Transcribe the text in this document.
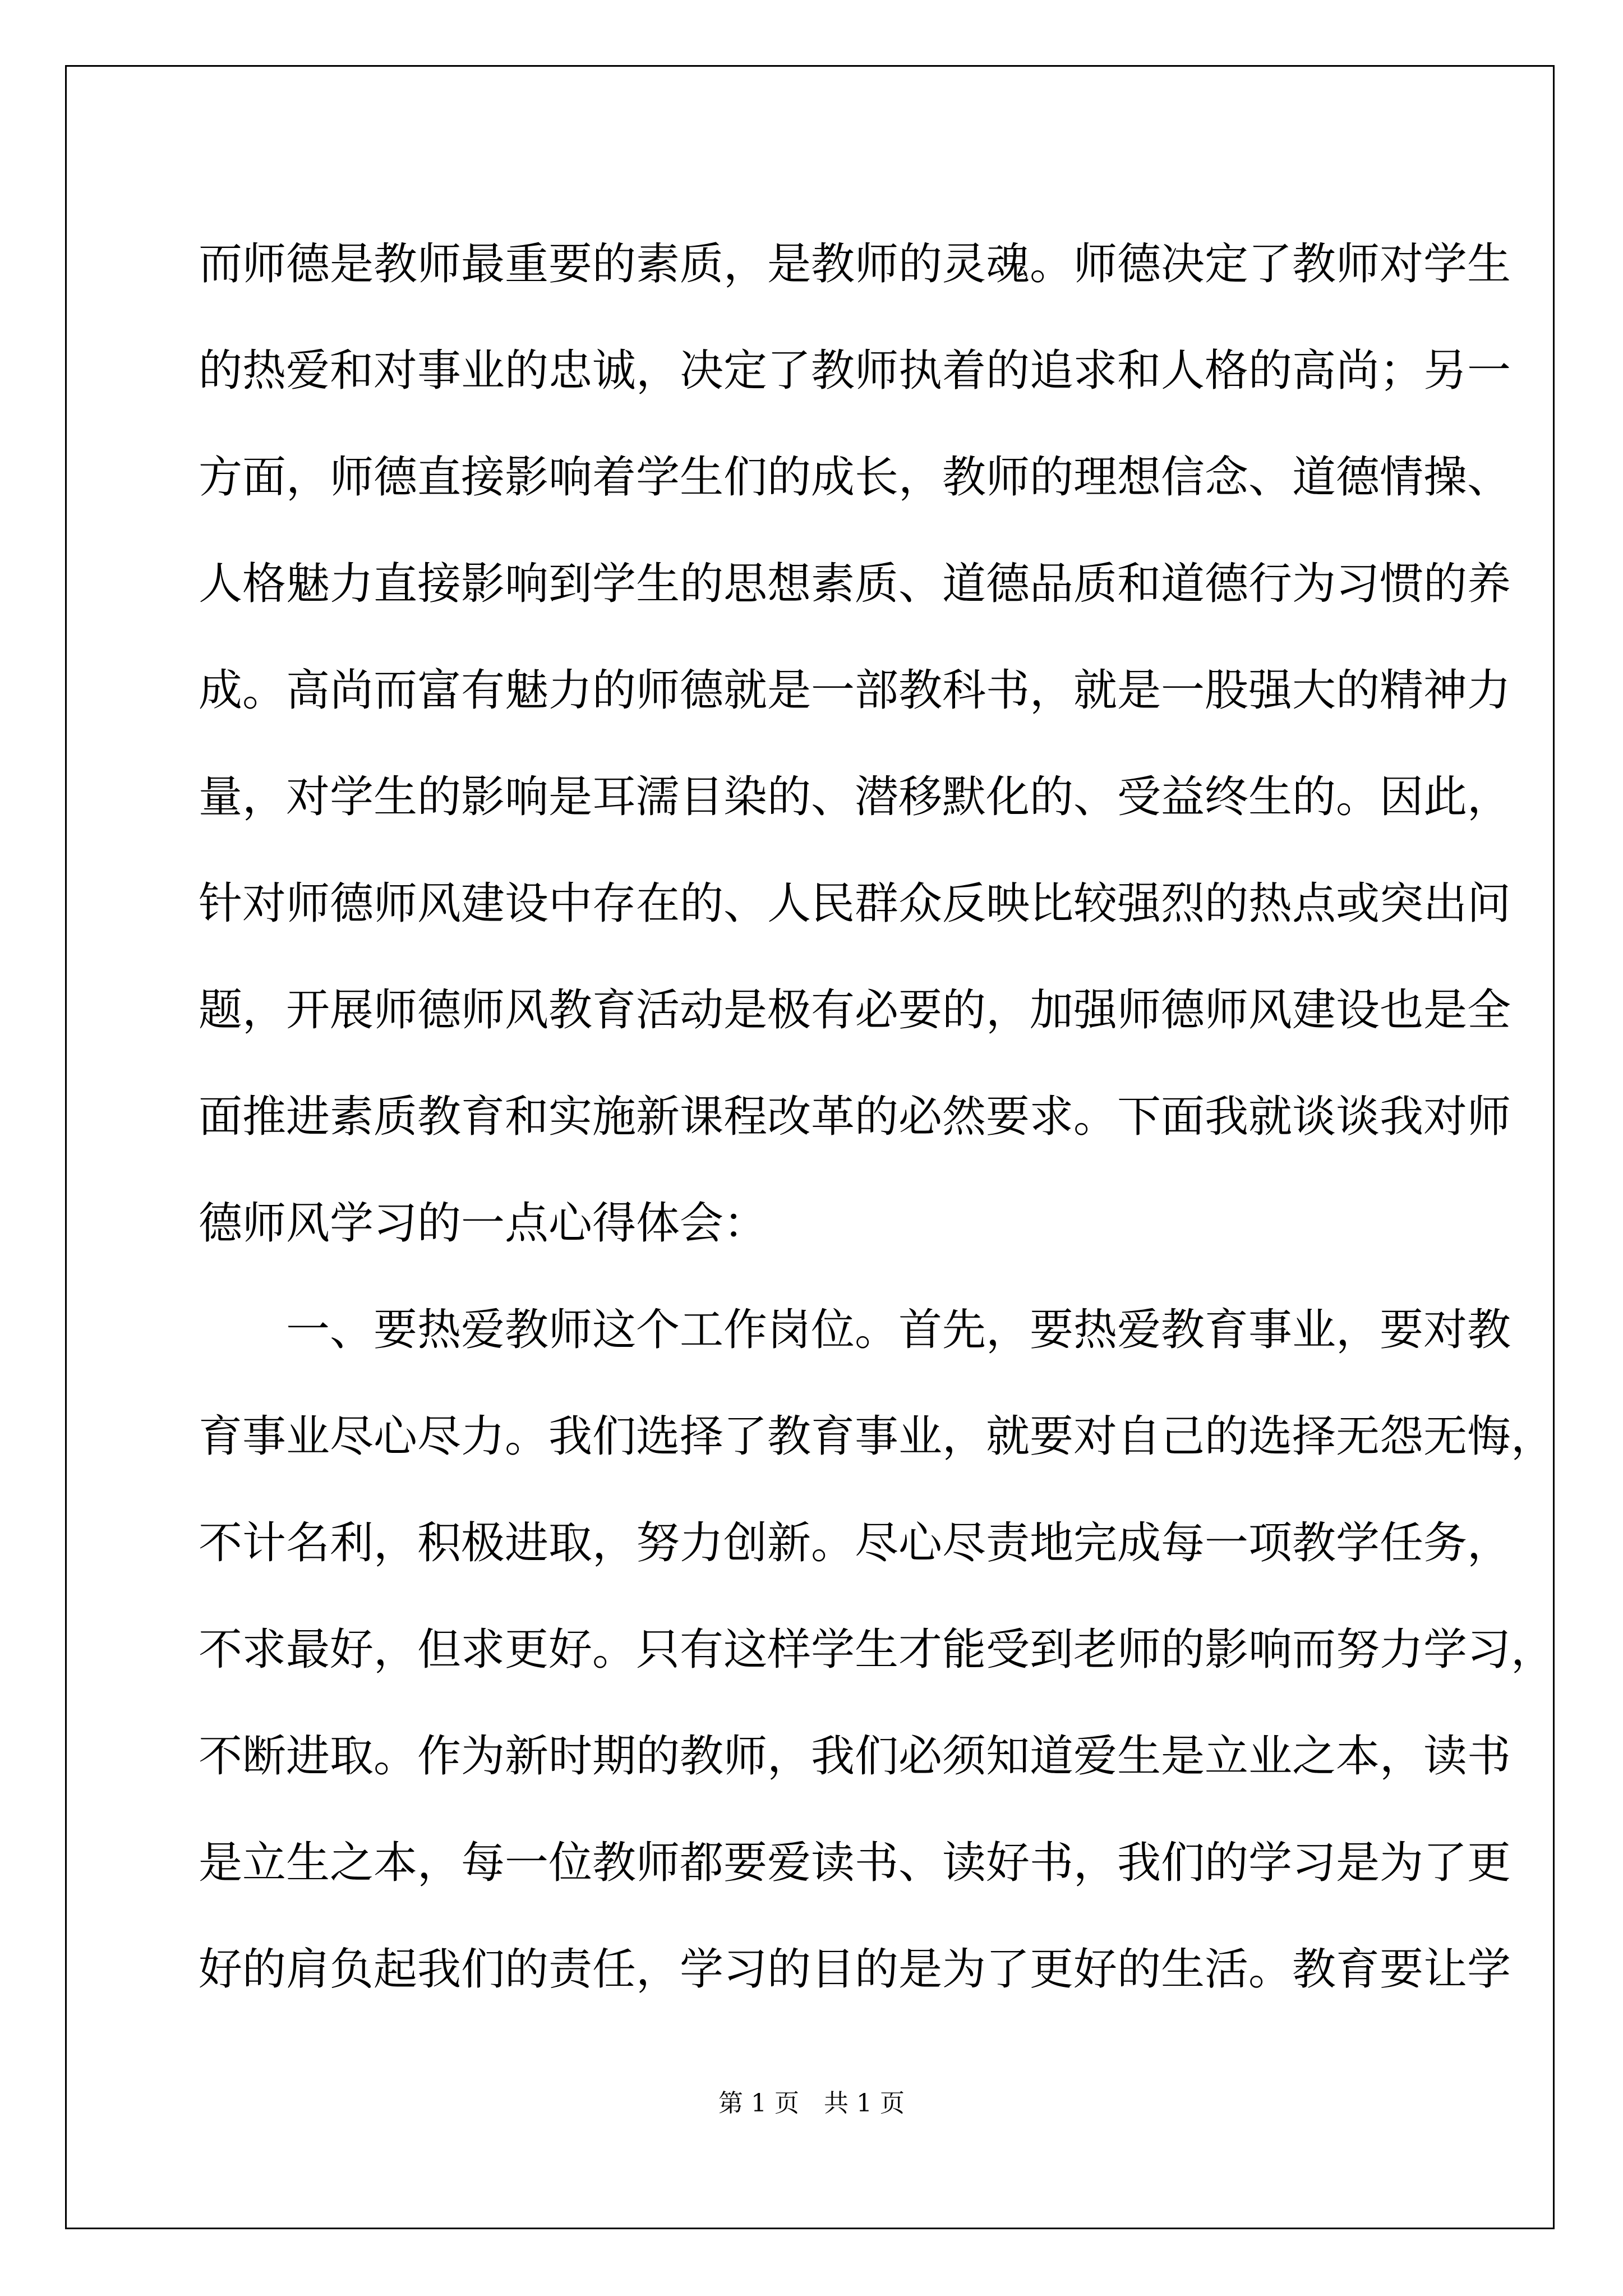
而师德是教师最重要的素质，是教师的灵魂。师德决定了教师对学生
的热爱和对事业的忠诚，决定了教师执着的追求和人格的高尚；另一
方面，师德直接影响着学生们的成长，教师的理想信念、道德情操、
人格魅力直接影响到学生的思想素质、道德品质和道德行为习惯的养
成。高尚而富有魅力的师德就是一部教科书，就是一股强大的精神力
量，对学生的影响是耳濡目染的、潜移默化的、受益终生的。因此，
针对师德师风建设中存在的、人民群众反映比较强烈的热点或突出问
题，开展师德师风教育活动是极有必要的，加强师德师风建设也是全
面推进素质教育和实施新课程改革的必然要求。下面我就谈谈我对师
德师风学习的一点心得体会：
　　一、要热爱教师这个工作岗位。首先，要热爱教育事业，要对教
育事业尽心尽力。我们选择了教育事业，就要对自己的选择无怨无悔，
不计名利，积极进取，努力创新。尽心尽责地完成每一项教学任务，
不求最好，但求更好。只有这样学生才能受到老师的影响而努力学习，
不断进取。作为新时期的教师，我们必须知道爱生是立业之本，读书
是立生之本，每一位教师都要爱读书、读好书，我们的学习是为了更
好的肩负起我们的责任，学习的目的是为了更好的生活。教育要让学
第 1 页　共 1 页
